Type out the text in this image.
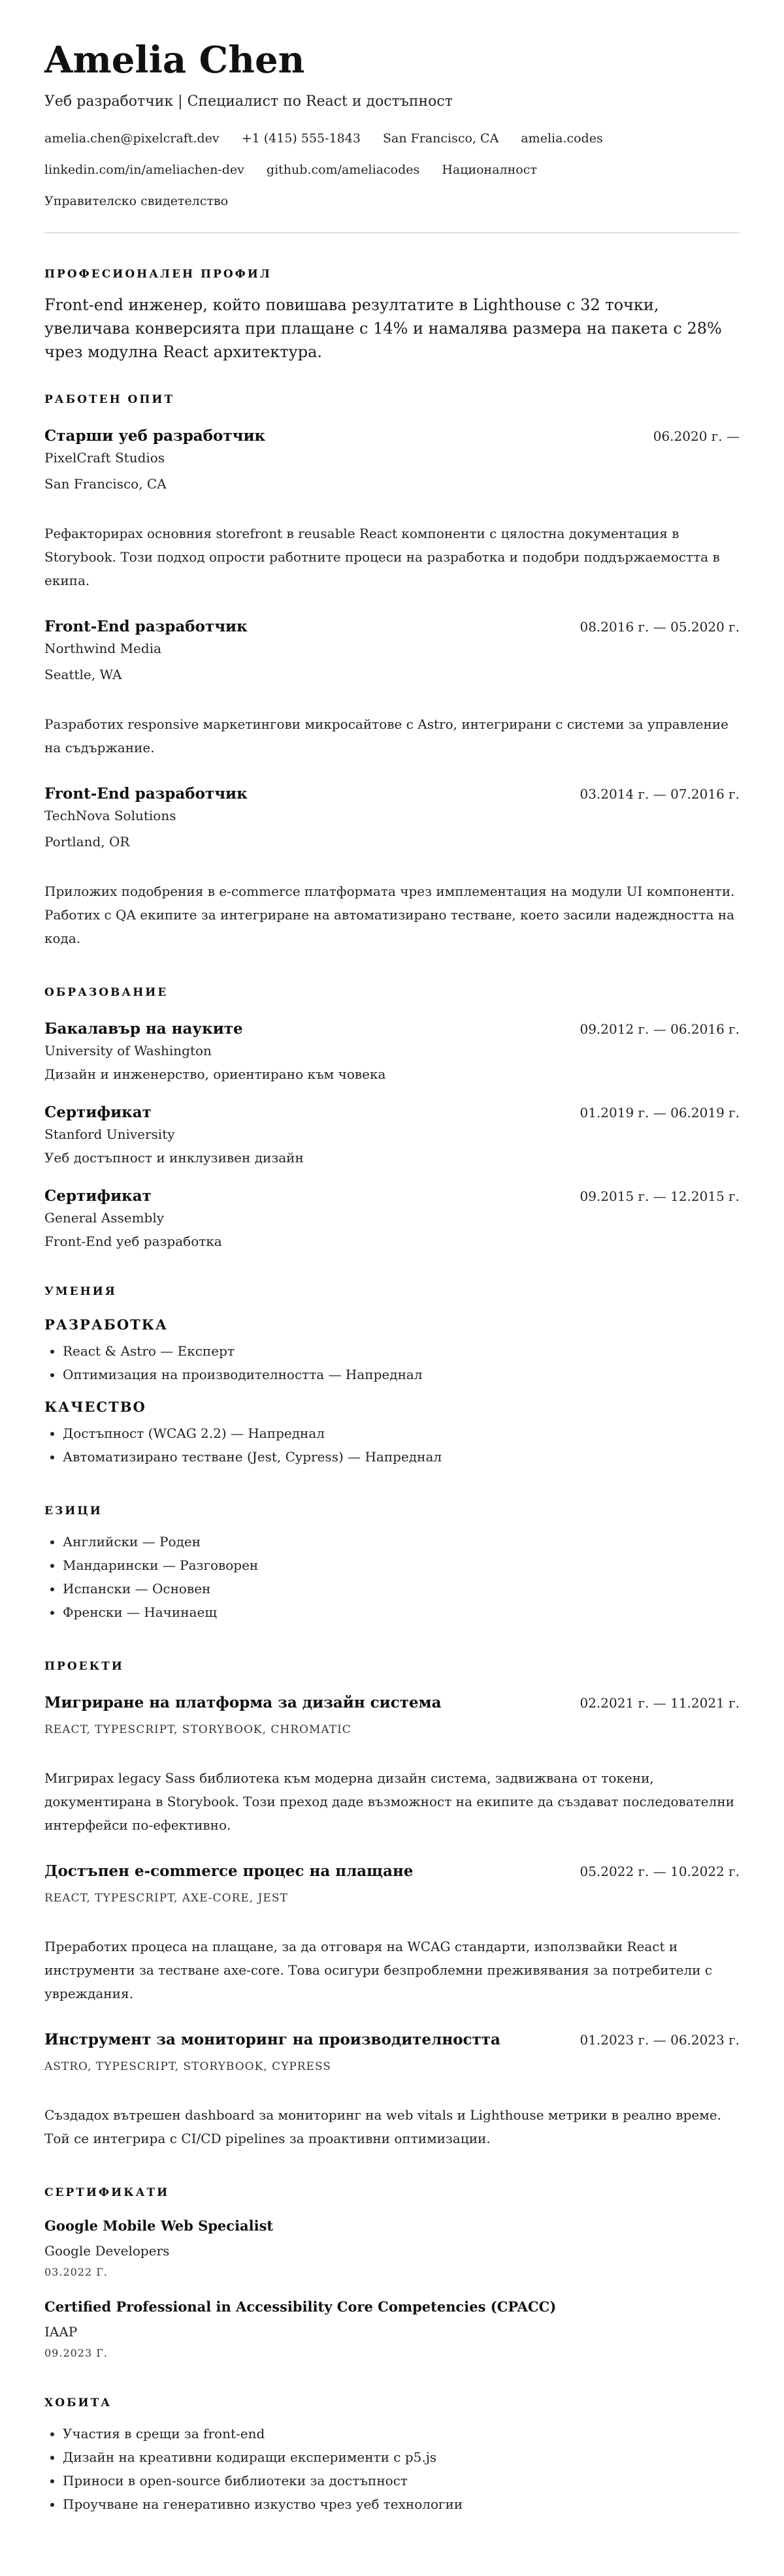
Amelia Chen
Уеб разработчик | Специалист по React и достъпност
amelia.chen@pixelcraft.dev +1 (415) 555-1843 San Francisco, CA amelia.codes
linkedin.com/in/ameliachen-dev github.com/ameliacodes Националност
Управителско свидетелство
ПРОФЕСИОНАЛЕН ПРОФИЛ
Front-end инженер, който повишава резултатите в Lighthouse с 32 точки, увеличава конверсията при плащане с 14% и намалява размера на пакета с 28% чрез модулна React архитектура.
РАБОТЕН ОПИТ
Старши уеб разработчик	06.2020 г. —
PixelCraft Studios
San Francisco, CA
Рефакторирах основния storefront в reusable React компоненти с цялостна документация в Storybook. Този подход опрости работните процеси на разработка и подобри поддържаемостта в екипа.
Front-End разработчик	08.2016 г. — 05.2020 г.
Northwind Media
Seattle, WA
Разработих responsive маркетингови микросайтове с Astro, интегрирани с системи за управление на съдържание.
Front-End разработчик	03.2014 г. — 07.2016 г.
TechNova Solutions
Portland, OR
Приложих подобрения в e-commerce платформата чрез имплементация на модули UI компоненти. Работих с QA екипите за интегриране на автоматизирано тестване, което засили надеждността на кода.
ОБРАЗОВАНИЕ
Бакалавър на науките	09.2012 г. — 06.2016 г.
University of Washington
Дизайн и инженерство, ориентирано към човека
Сертификат	01.2019 г. — 06.2019 г.
Stanford University
Уеб достъпност и инклузивен дизайн
Сертификат	09.2015 г. — 12.2015 г.
General Assembly
Front-End уеб разработка
УМЕНИЯ
РАЗРАБОТКА
• React & Astro — Експерт
• Оптимизация на производителността — Напреднал
КАЧЕСТВО
• Достъпност (WCAG 2.2) — Напреднал
• Автоматизирано тестване (Jest, Cypress) — Напреднал
ЕЗИЦИ
• Английски — Роден
• Мандарински — Разговорен
• Испански — Основен
• Френски — Начинаещ
ПРОЕКТИ
Мигриране на платформа за дизайн система	02.2021 г. — 11.2021 г.
REACT, TYPESCRIPT, STORYBOOK, CHROMATIC
Мигрирах legacy Sass библиотека към модерна дизайн система, задвижвана от токени, документирана в Storybook. Този преход даде възможност на екипите да създават последователни интерфейси по-ефективно.
Достъпен e-commerce процес на плащане	05.2022 г. — 10.2022 г.
REACT, TYPESCRIPT, AXE-CORE, JEST
Преработих процеса на плащане, за да отговаря на WCAG стандарти, използвайки React и инструменти за тестване axe-core. Това осигури безпроблемни преживявания за потребители с увреждания.
Инструмент за мониторинг на производителността	01.2023 г. — 06.2023 г.
ASTRO, TYPESCRIPT, STORYBOOK, CYPRESS
Създадох вътрешен dashboard за мониторинг на web vitals и Lighthouse метрики в реално време. Той се интегрира с CI/CD pipelines за проактивни оптимизации.
СЕРТИФИКАТИ
Google Mobile Web Specialist
Google Developers
03.2022 Г.
Certified Professional in Accessibility Core Competencies (CPACC)
IAAP
09.2023 Г.
ХОБИТА
• Участия в срещи за front-end
• Дизайн на креативни кодиращи експерименти с p5.js
• Приноси в open-source библиотеки за достъпност
• Проучване на генеративно изкуство чрез уеб технологии
